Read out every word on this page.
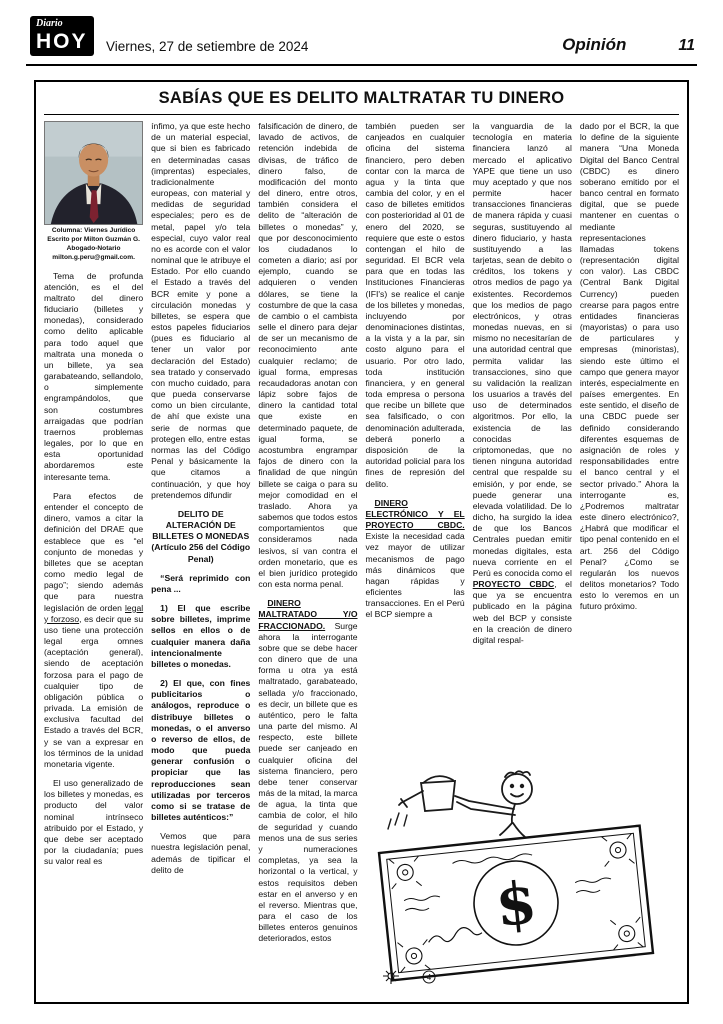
Diario
HOY	Viernes, 27 de setiembre de 2024	Opinión	11
SABÍAS QUE ES DELITO MALTRATAR TU DINERO
Columna: Viernes Jurídico
Escrito por Milton Guzmán G.
Abogado-Notario
milton.g.peru@gmail.com.

Tema de profunda atención, es el del maltrato del dinero fiduciario (billetes y monedas), considerado como delito aplicable para todo aquel que maltrata una moneda o un billete, ya sea garabateando, sellandolo, o simplemente engrampándolos, que son costumbres arraigadas que podrían traernos problemas legales, por lo que en esta oportunidad abordaremos este interesante tema.

Para efectos de entender el concepto de dinero, vamos a citar la definición del DRAE que establece que es “el conjunto de monedas y billetes que se aceptan como medio legal de pago”; siendo además que para nuestra legislación de orden legal y forzoso, es decir que su uso tiene una protección legal erga omnes (aceptación general), siendo de aceptación forzosa para el pago de cualquier tipo de obligación pública o privada. La emisión de exclusiva facultad del Estado a través del BCR, y se van a expresar en los términos de la unidad monetaria vigente.

El uso generalizado de los billetes y monedas, es producto del valor nominal intrínseco atribuido por el Estado, y que debe ser aceptado por la ciudadanía; pues su valor real es

ínfimo, ya que este hecho de un material especial, que si bien es fabricado en determinadas casas (imprentas) especiales, tradicionalmente europeas, con material y medidas de seguridad especiales; pero es de metal, papel y/o tela especial, cuyo valor real no es acorde con el valor nominal que le atribuye el Estado. Por ello cuando el Estado a través del BCR emite y pone a circulación monedas y billetes, se espera que estos papeles fiduciarios (pues es fiduciario al tener un valor por declaración del Estado) sea tratado y conservado con mucho cuidado, para que pueda conservarse como un bien circulante, de ahí que existe una serie de normas que protegen ello, entre estas normas las del Código Penal y básicamente la que citamos a continuación, y que hoy pretendemos difundir

DELITO DE ALTERACIÓN DE BILLETES O MONEDAS (Artículo 256 del Código Penal)

“Será reprimido con pena ...

1) El que escribe sobre billetes, imprime sellos en ellos o de cualquier manera daña intencionalmente billetes o monedas.

2) El que, con fines publicitarios o análogos, reproduce o distribuye billetes o monedas, o el anverso o reverso de ellos, de modo que pueda generar confusión o propiciar que las reproducciones sean utilizadas por terceros como si se tratase de billetes auténticos:”

Vemos que para nuestra legislación penal, además de tipificar el delito de

falsificación de dinero, de lavado de activos, de retención indebida de divisas, de tráfico de dinero falso, de modificación del monto del dinero, entre otros, también considera el delito de “alteración de billetes o monedas” y, que por desconocimiento los ciudadanos lo cometen a diario; así por ejemplo, cuando se adquieren o venden dólares, se tiene la costumbre de que la casa de cambio o el cambista selle el dinero para dejar de ser un mecanismo de reconocimiento ante cualquier reclamo; de igual forma, empresas recaudadoras anotan con lápiz sobre fajos de dinero la cantidad total que existe en determinado paquete, de igual forma, se acostumbra engrampar fajos de dinero con la finalidad de que ningún billete se caiga o para su mejor comodidad en el traslado. Ahora ya sabemos que todos estos comportamientos que consideramos nada lesivos, sí van contra el orden monetario, que es el bien jurídico protegido con esta norma penal.

DINERO MALTRATADO Y/O FRACCIONADO. Surge ahora la interrogante sobre que se debe hacer con dinero que de una forma u otra ya está maltratado, garabateado, sellada y/o fraccionado, es decir, un billete que es auténtico, pero le falta una parte del mismo. Al respecto, este billete puede ser canjeado en cualquier oficina del sistema financiero, pero debe tener conservar más de la mitad, la marca de agua, la tinta que cambia de color, el hilo de seguridad y cuando menos una de sus series y numeraciones completas, ya sea la horizontal o la vertical, y estos requisitos deben estar en el anverso y en el reverso. Mientras que, para el caso de los billetes enteros genuinos deteriorados, estos

también pueden ser canjeados en cualquier oficina del sistema financiero, pero deben contar con la marca de agua y la tinta que cambia del color, y en el caso de billetes emitidos con posterioridad al 01 de enero del 2020, se requiere que este o estos contengan el hilo de seguridad. El BCR vela para que en todas las Instituciones Financieras (IFI's) se realice el canje de los billetes y monedas, incluyendo por denominaciones distintas, a la vista y a la par, sin costo alguno para el usuario. Por otro lado, toda institución financiera, y en general toda empresa o persona que recibe un billete que sea falsificado, o con denominación adulterada, deberá ponerlo a disposición de la autoridad policial para los fines de represión del delito.

DINERO ELECTRÓNICO Y EL PROYECTO CBDC. Existe la necesidad cada vez mayor de utilizar mecanismos de pago más dinámicos que hagan rápidas y eficientes las transacciones. En el Perú el BCP siempre a

la vanguardia de la tecnología en materia financiera lanzó al mercado el aplicativo YAPE que tiene un uso muy aceptado y que nos permite hacer transacciones financieras de manera rápida y cuasi seguras, sustituyendo al dinero fiduciario, y hasta sustituyendo a las tarjetas, sean de debito o créditos, los tokens y otros medios de pago ya existentes. Recordemos que los medios de pago electrónicos, y otras monedas nuevas, en si mismo no necesitarían de una autoridad central que permita validar las transacciones, sino que su validación la realizan los usuarios a través del uso de determinados algoritmos. Por ello, la existencia de las conocidas criptomonedas, que no tienen ninguna autoridad central que respalde su emisión, y por ende, se puede generar una elevada volatilidad. De lo dicho, ha surgido la idea de que los Bancos Centrales puedan emitir monedas digitales, esta nueva corriente en el Perú es conocida como el PROYECTO CBDC, el que ya se encuentra publicado en la página web del BCP y consiste en la creación de dinero digital respal-

dado por el BCR, la que lo define de la siguiente manera “Una Moneda Digital del Banco Central (CBDC) es dinero soberano emitido por el banco central en formato digital, que se puede mantener en cuentas o mediante representaciones llamadas tokens (representación digital con valor). Las CBDC (Central Bank Digital Currency) pueden crearse para pagos entre entidades financieras (mayoristas) o para uso de particulares y empresas (minoristas), siendo este último el campo que genera mayor interés, especialmente en países emergentes. En este sentido, el diseño de una CBDC puede ser definido considerando diferentes esquemas de asignación de roles y responsabilidades entre el banco central y el sector privado.” Ahora la interrogante es, ¿Podremos maltratar este dinero electrónico?, ¿Habrá que modificar el tipo penal contenido en el art. 256 del Código Penal? ¿Como se regularán los nuevos delitos monetarios? Todo esto lo veremos en un futuro próximo.

$
4
